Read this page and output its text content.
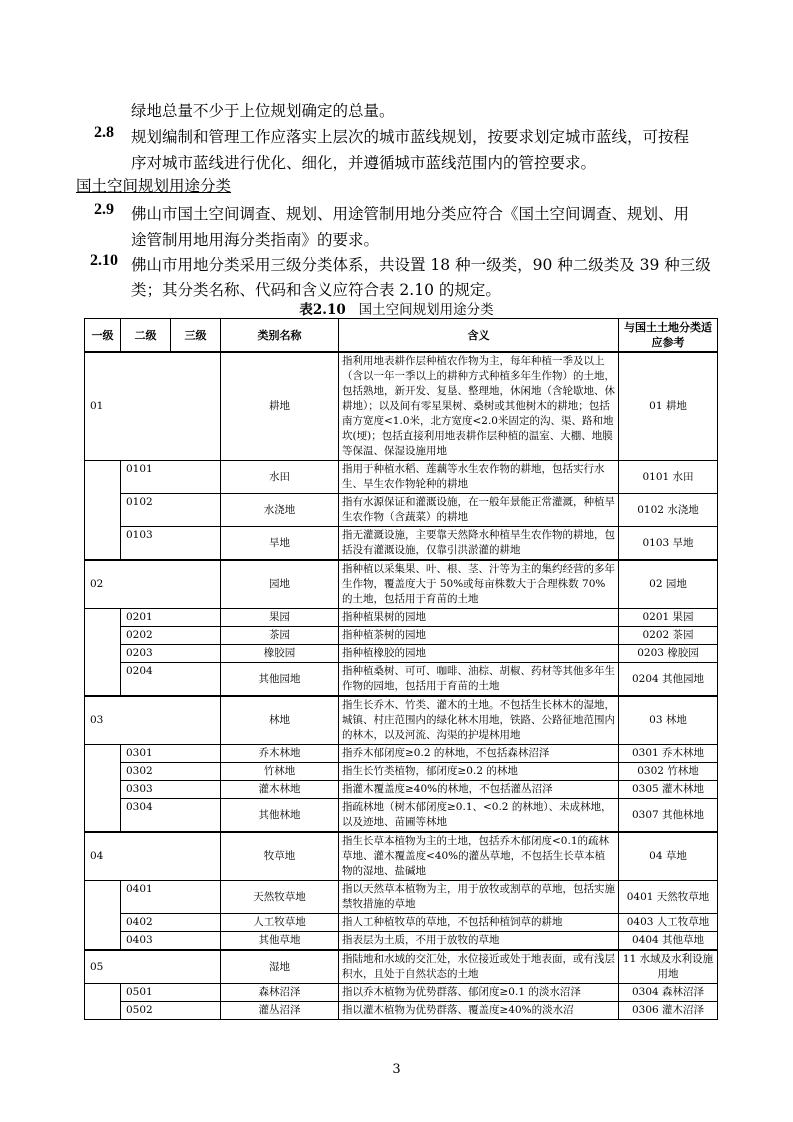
绿地总量不少于上位规划确定的总量。
2.8 规划编制和管理工作应落实上层次的城市蓝线规划，按要求划定城市蓝线，可按程
序对城市蓝线进行优化、细化，并遵循城市蓝线范围内的管控要求。
国土空间规划用途分类
2.9 佛山市国土空间调查、规划、用途管制用地分类应符合《国土空间调查、规划、用
途管制用地用海分类指南》的要求。
2.10 佛山市用地分类采用三级分类体系，共设置 18 种一级类，90 种二级类及 39 种三级
类；其分类名称、代码和含义应符合表 2.10 的规定。
表2.10 国土空间规划用途分类
一级	二级	三级	类别名称	含义	与国土土地分类适应参考
01			耕地	指利用地表耕作层种植农作物为主，每年种植一季及以上（含以一年一季以上的耕种方式种植多年生作物）的土地，包括熟地，新开发、复垦、整理地，休闲地（含轮歇地、休耕地）；以及间有零星果树、桑树或其他树木的耕地；包括南方宽度<1.0米，北方宽度<2.0米固定的沟、渠、路和地坎(埂)；包括直接利用地表耕作层种植的温室、大棚、地膜等保温、保湿设施用地	01 耕地
	0101		水田	指用于种植水稻、莲藕等水生农作物的耕地，包括实行水生、旱生农作物轮种的耕地	0101 水田
	0102		水浇地	指有水源保证和灌溉设施，在一般年景能正常灌溉，种植旱生农作物（含蔬菜）的耕地	0102 水浇地
	0103		旱地	指无灌溉设施，主要靠天然降水种植旱生农作物的耕地，包括没有灌溉设施，仅靠引洪淤灌的耕地	0103 旱地
02			园地	指种植以采集果、叶、根、茎、汁等为主的集约经营的多年生作物，覆盖度大于 50%或每亩株数大于合理株数 70%的土地，包括用于育苗的土地	02 园地
	0201		果园	指种植果树的园地	0201 果园
	0202		茶园	指种植茶树的园地	0202 茶园
	0203		橡胶园	指种植橡胶的园地	0203 橡胶园
	0204		其他园地	指种植桑树、可可、咖啡、油棕、胡椒、药材等其他多年生作物的园地，包括用于育苗的土地	0204 其他园地
03			林地	指生长乔木、竹类、灌木的土地。不包括生长林木的湿地，城镇、村庄范围内的绿化林木用地，铁路、公路征地范围内的林木，以及河流、沟渠的护堤林用地	03 林地
	0301		乔木林地	指乔木郁闭度≥0.2 的林地，不包括森林沼泽	0301 乔木林地
	0302		竹林地	指生长竹类植物，郁闭度≥0.2 的林地	0302 竹林地
	0303		灌木林地	指灌木覆盖度≥40%的林地，不包括灌丛沼泽	0305 灌木林地
	0304		其他林地	指疏林地（树木郁闭度≥0.1、<0.2 的林地）、未成林地，以及迹地、苗圃等林地	0307 其他林地
04			牧草地	指生长草本植物为主的土地，包括乔木郁闭度<0.1的疏林草地、灌木覆盖度<40%的灌丛草地，不包括生长草本植物的湿地、盐碱地	04 草地
	0401		天然牧草地	指以天然草本植物为主，用于放牧或割草的草地，包括实施禁牧措施的草地	0401 天然牧草地
	0402		人工牧草地	指人工种植牧草的草地，不包括种植饲草的耕地	0403 人工牧草地
	0403		其他草地	指表层为土质，不用于放牧的草地	0404 其他草地
05			湿地	指陆地和水域的交汇处，水位接近或处于地表面，或有浅层积水，且处于自然状态的土地	11 水域及水利设施用地
	0501		森林沼泽	指以乔木植物为优势群落、郁闭度≥0.1 的淡水沼泽	0304 森林沼泽
	0502		灌丛沼泽	指以灌木植物为优势群落、覆盖度≥40%的淡水沼	0306 灌木沼泽
3
